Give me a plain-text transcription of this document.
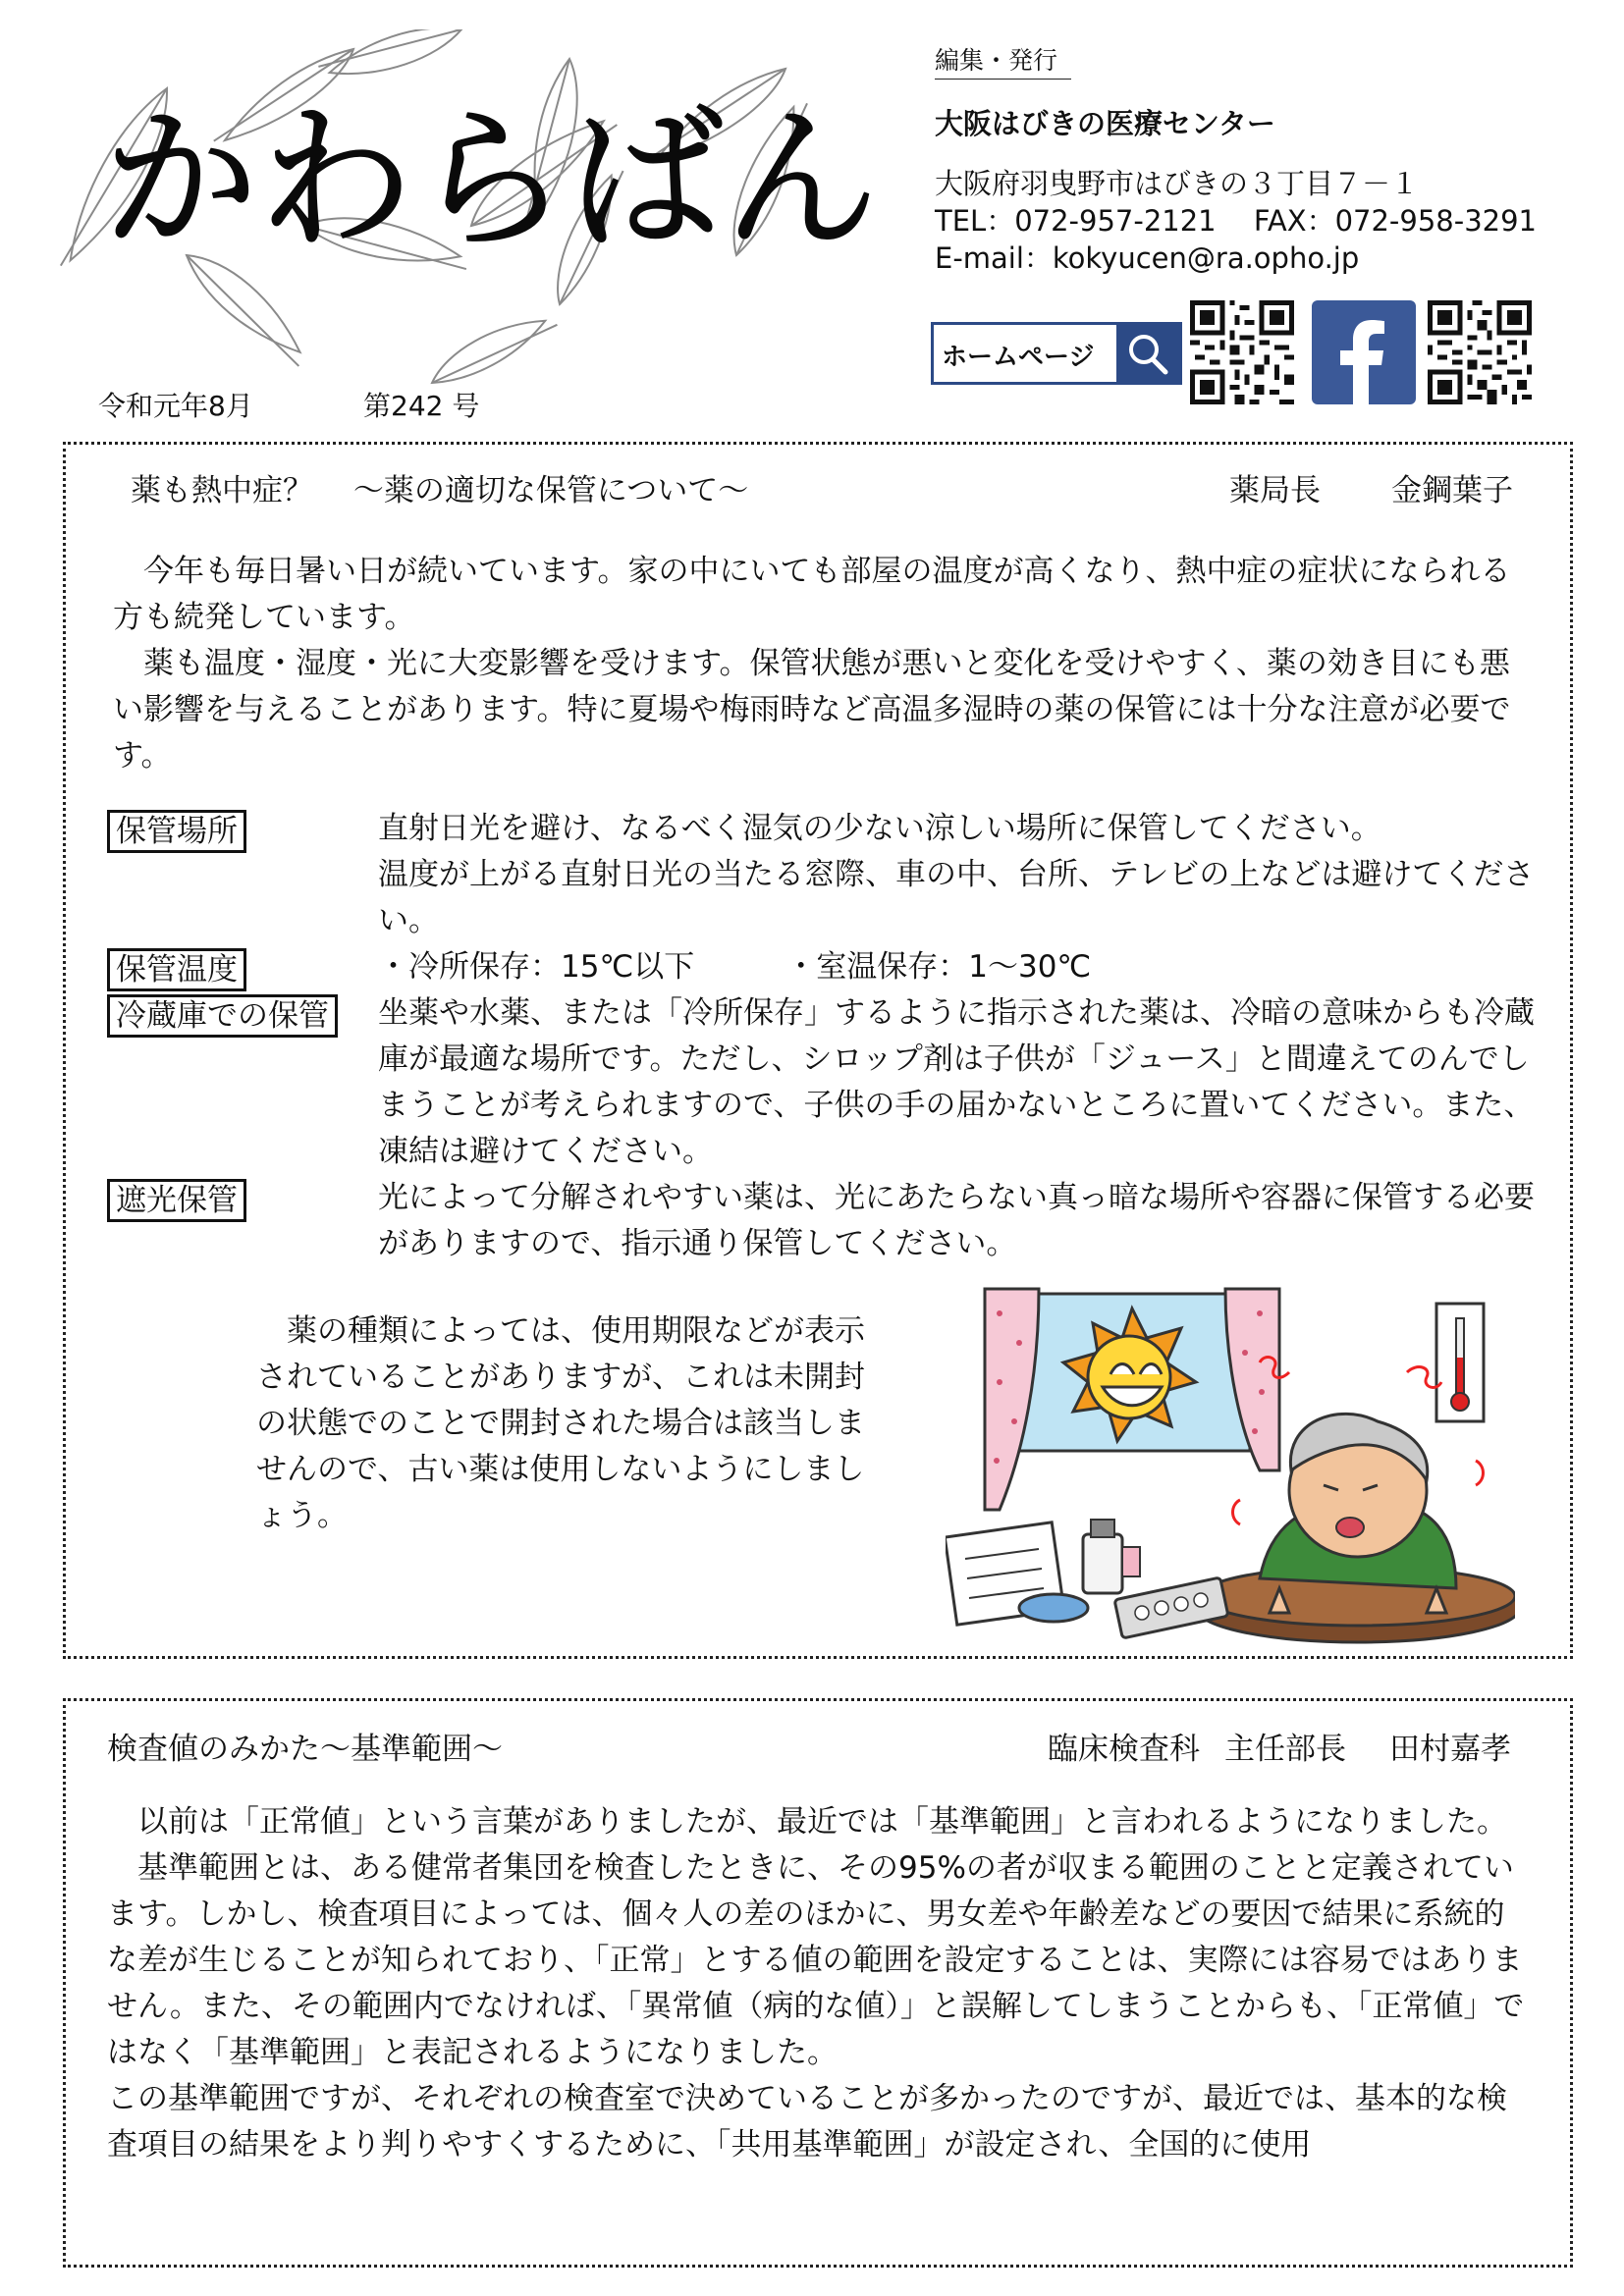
かわらばん
令和元年8月	第242 号
編集・発行
大阪はびきの医療センター
大阪府羽曳野市はびきの３丁目７－１
TEL：072-957-2121　 FAX：072-958-3291
E-mail：kokyucen@ra.opho.jp
ホームページ
薬も熱中症？　 ～薬の適切な保管について～	薬局長 金鋼葉子

今年も毎日暑い日が続いています。家の中にいても部屋の温度が高くなり、熱中症の症状になられる方も続発しています。

薬も温度・湿度・光に大変影響を受けます。保管状態が悪いと変化を受けやすく、薬の効き目にも悪い影響を与えることがあります。特に夏場や梅雨時など高温多湿時の薬の保管には十分な注意が必要です。

保管場所	直射日光を避け、なるべく湿気の少ない涼しい場所に保管してください。
温度が上がる直射日光の当たる窓際、車の中、台所、テレビの上などは避けてください。
保管温度	・冷所保存：15℃以下　　　・室温保存：1～30℃
冷蔵庫での保管 坐薬や水薬、または「冷所保存」するように指示された薬は、冷暗の意味からも冷蔵庫が最適な場所です。ただし、シロップ剤は子供が「ジュース」と間違えてのんでしまうことが考えられますので、子供の手の届かないところに置いてください。また、凍結は避けてください。
遮光保管	光によって分解されやすい薬は、光にあたらない真っ暗な場所や容器に保管する必要がありますので、指示通り保管してください。

薬の種類によっては、使用期限などが表示されていることがありますが、これは未開封の状態でのことで開封された場合は該当しませんので、古い薬は使用しないようにしましょう。

検査値のみかた～基準範囲～	臨床検査科 主任部長 田村嘉孝

以前は「正常値」という言葉がありましたが、最近では「基準範囲」と言われるようになりました。

基準範囲とは、ある健常者集団を検査したときに、その95%の者が収まる範囲のことと定義されています。しかし、検査項目によっては、個々人の差のほかに、男女差や年齢差などの要因で結果に系統的な差が生じることが知られており、「正常」とする値の範囲を設定することは、実際には容易ではありません。また、その範囲内でなければ、「異常値（病的な値）」と誤解してしまうことからも、「正常値」ではなく「基準範囲」と表記されるようになりました。

この基準範囲ですが、それぞれの検査室で決めていることが多かったのですが、最近では、基本的な検査項目の結果をより判りやすくするために、「共用基準範囲」が設定され、全国的に使用
